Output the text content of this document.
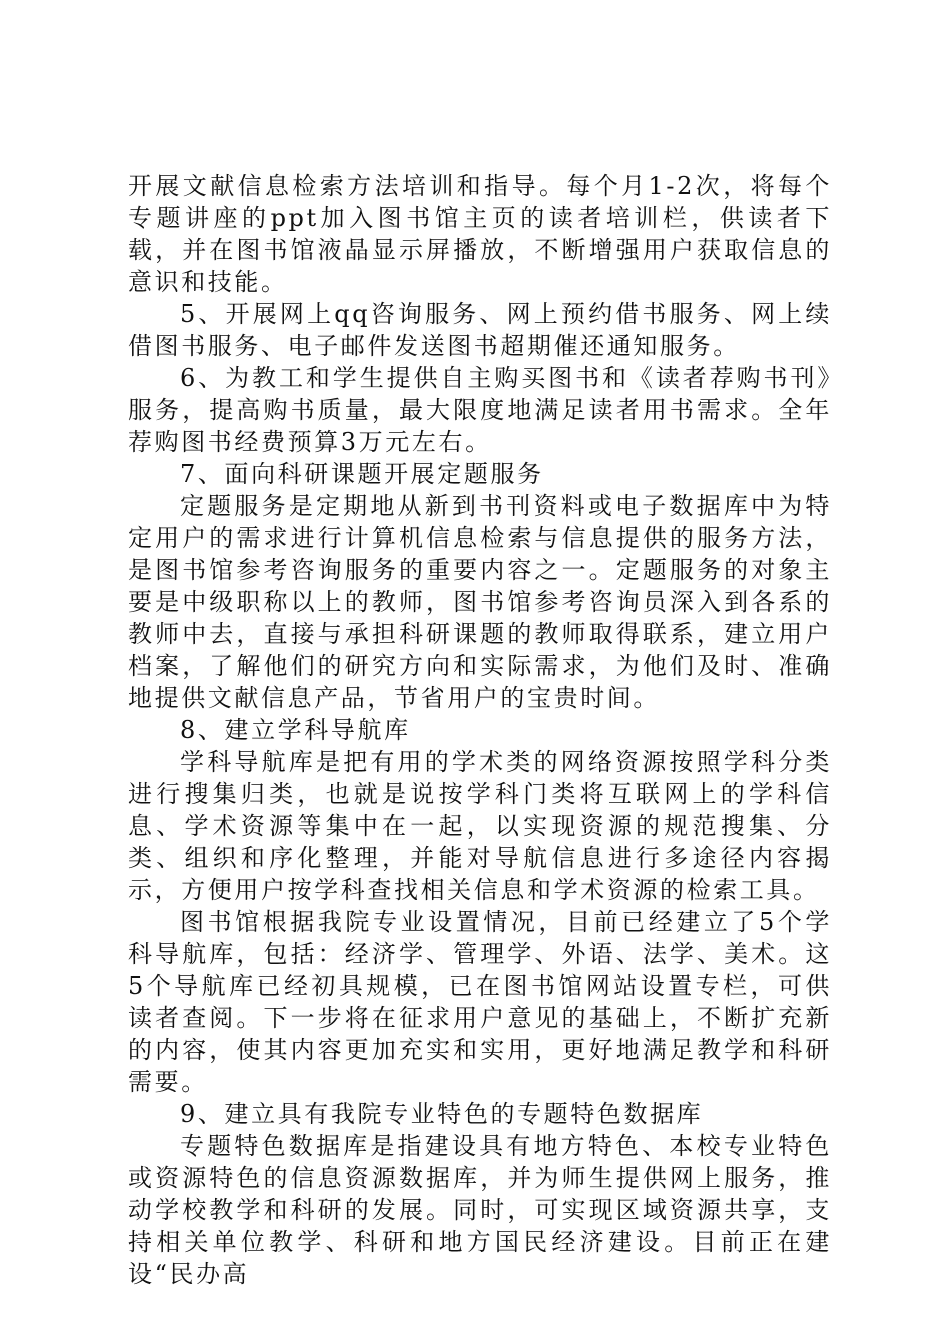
开展文献信息检索方法培训和指导。每个月1-2次，将每个专题讲座的ppt加入图书馆主页的读者培训栏，供读者下载，并在图书馆液晶显示屏播放，不断增强用户获取信息的意识和技能。

5、开展网上qq咨询服务、网上预约借书服务、网上续借图书服务、电子邮件发送图书超期催还通知服务。

6、为教工和学生提供自主购买图书和《读者荐购书刊》服务，提高购书质量，最大限度地满足读者用书需求。全年荐购图书经费预算3万元左右。

7、面向科研课题开展定题服务

定题服务是定期地从新到书刊资料或电子数据库中为特定用户的需求进行计算机信息检索与信息提供的服务方法，是图书馆参考咨询服务的重要内容之一。定题服务的对象主要是中级职称以上的教师，图书馆参考咨询员深入到各系的教师中去，直接与承担科研课题的教师取得联系，建立用户档案，了解他们的研究方向和实际需求，为他们及时、准确地提供文献信息产品，节省用户的宝贵时间。

8、建立学科导航库

学科导航库是把有用的学术类的网络资源按照学科分类进行搜集归类，也就是说按学科门类将互联网上的学科信息、学术资源等集中在一起，以实现资源的规范搜集、分类、组织和序化整理，并能对导航信息进行多途径内容揭示，方便用户按学科查找相关信息和学术资源的检索工具。

图书馆根据我院专业设置情况，目前已经建立了5个学科导航库，包括：经济学、管理学、外语、法学、美术。这5个导航库已经初具规模，已在图书馆网站设置专栏，可供读者查阅。下一步将在征求用户意见的基础上，不断扩充新的内容，使其内容更加充实和实用，更好地满足教学和科研需要。

9、建立具有我院专业特色的专题特色数据库

专题特色数据库是指建设具有地方特色、本校专业特色或资源特色的信息资源数据库，并为师生提供网上服务，推动学校教学和科研的发展。同时，可实现区域资源共享，支持相关单位教学、科研和地方国民经济建设。目前正在建设“民办高
